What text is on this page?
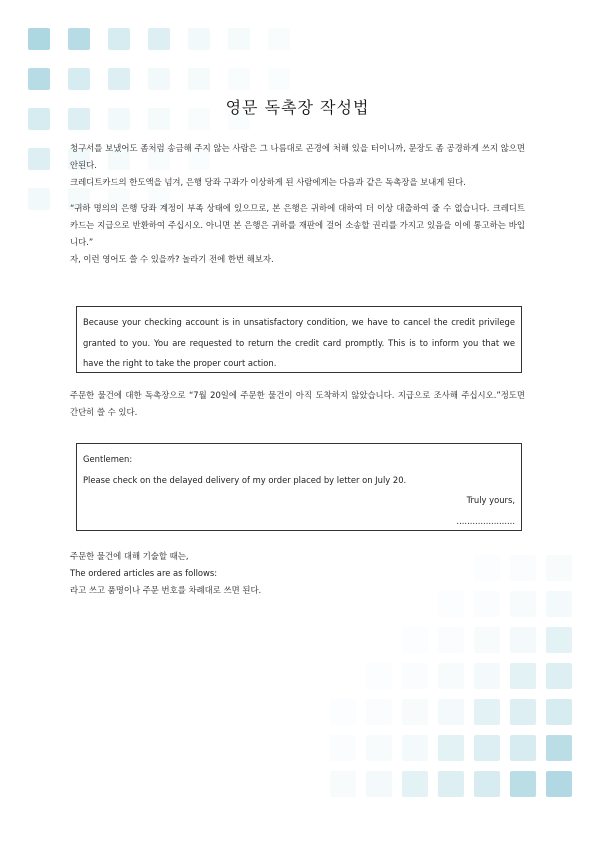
영문 독촉장 작성법
청구서를 보냈어도 좀처럼 송금해 주지 않는 사람은 그 나름대로 곤경에 처해 있을 터이니까, 문장도 좀 공경하게 쓰지 않으면 안된다.
크레디트카드의 한도액을 넘겨, 은행 당좌 구좌가 이상하게 된 사람에게는 다음과 같은 독촉장을 보내게 된다.
“귀하 명의의 은행 당좌 계정이 부족 상태에 있으므로, 본 은행은 귀하에 대하여 더 이상 대출하여 줄 수 없습니다. 크레디트 카드는 지급으로 반환하여 주십시오. 아니면 본 은행은 귀하를 재판에 걸어 소송할 권리를 가지고 있음을 이에 통고하는 바입니다.”
자, 이런 영어도 쓸 수 있을까? 놀라기 전에 한번 해보자.
Because your checking account is in unsatisfactory condition, we have to cancel the credit privilege granted to you. You are requested to return the credit card promptly. This is to inform you that we have the right to take the proper court action.
주문한 물건에 대한 독촉장으로 “7월 20일에 주문한 물건이 아직 도착하지 않았습니다. 지급으로 조사해 주십시오.”정도면 간단히 쓸 수 있다.
Gentlemen:
Please check on the delayed delivery of my order placed by letter on July 20.
Truly yours,
......................
주문한 물건에 대해 기술할 때는,
The ordered articles are as follows:
라고 쓰고 품명이나 주문 번호를 차례대로 쓰면 된다.
